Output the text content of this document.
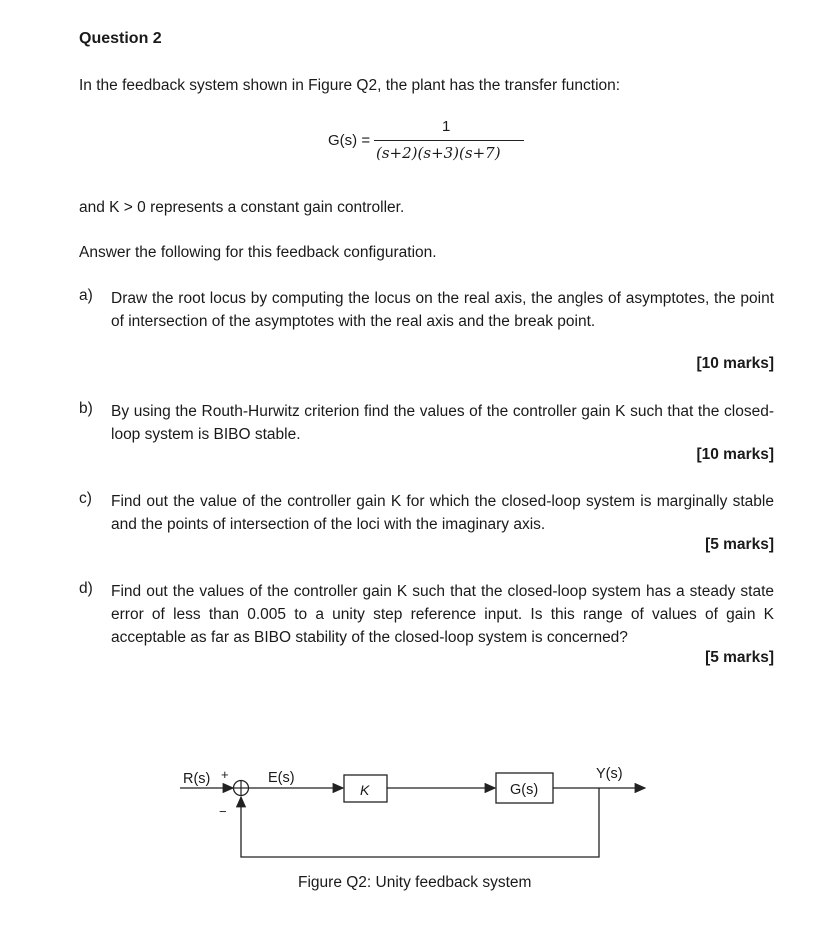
Question 2
In the feedback system shown in Figure Q2, the plant has the transfer function:
G(s) =
1
(s+2)(s+3)(s+7)
and K > 0 represents a constant gain controller.
Answer the following for this feedback configuration.
a) Draw the root locus by computing the locus on the real axis, the angles of asymptotes, the point of intersection of the asymptotes with the real axis and the break point.
[10 marks]
b) By using the Routh-Hurwitz criterion find the values of the controller gain K such that the closed-loop system is BIBO stable.
[10 marks]
c) Find out the value of the controller gain K for which the closed-loop system is marginally stable and the points of intersection of the loci with the imaginary axis.
[5 marks]
d) Find out the values of the controller gain K such that the closed-loop system has a steady state error of less than 0.005 to a unity step reference input. Is this range of values of gain K acceptable as far as BIBO stability of the closed-loop system is concerned?
[5 marks]
R(s) +
−
E(s)
K	G(s)
Y(s)
Figure Q2: Unity feedback system
